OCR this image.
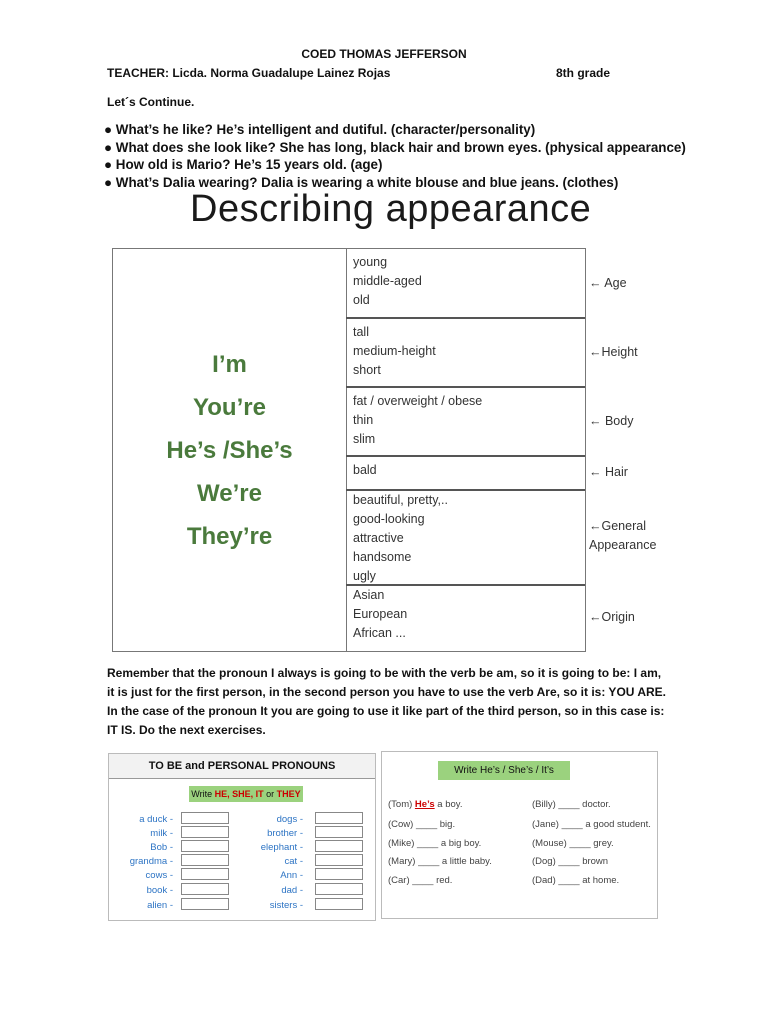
COED THOMAS JEFFERSON
TEACHER: Licda. Norma Guadalupe Lainez Rojas	8th grade
Let´s Continue.
● What’s he like? He’s intelligent and dutiful. (character/personality)
● What does she look like? She has long, black hair and brown eyes. (physical appearance)
● How old is Mario? He’s 15 years old. (age)
● What’s Dalia wearing? Dalia is wearing a white blouse and blue jeans. (clothes)
Describing appearance
I’m
You’re
He’s /She’s
We’re
They’re
young
middle-aged
old
tall
medium-height
short
fat / overweight / obese
thin
slim
bald
beautiful, pretty,..
good-looking
attractive
handsome
ugly
Asian
European
African ...
← Age
←Height
← Body
← Hair
←General Appearance
←Origin
Remember that the pronoun I always is going to be with the verb be am, so it is going to be: I am, it is just for the first person, in the second person you have to use the verb Are, so it is: YOU ARE. In the case of the pronoun It you are going to use it like part of the third person, so in this case is: IT IS. Do the next exercises.
TO BE and PERSONAL PRONOUNS
Write HE, SHE, IT or THEY
a duck -
milk -
Bob -
grandma -
cows -
book -
alien -
dogs -
brother -
elephant -
cat -
Ann -
dad -
sisters -
Write He’s / She’s / It’s
(Tom) He’s a boy.
(Cow) ____ big.
(Mike) ____ a big boy.
(Mary) ____ a little baby.
(Car) ____ red.
(Billy) ____ doctor.
(Jane) ____ a good student.
(Mouse) ____ grey.
(Dog) ____ brown
(Dad) ____ at home.
